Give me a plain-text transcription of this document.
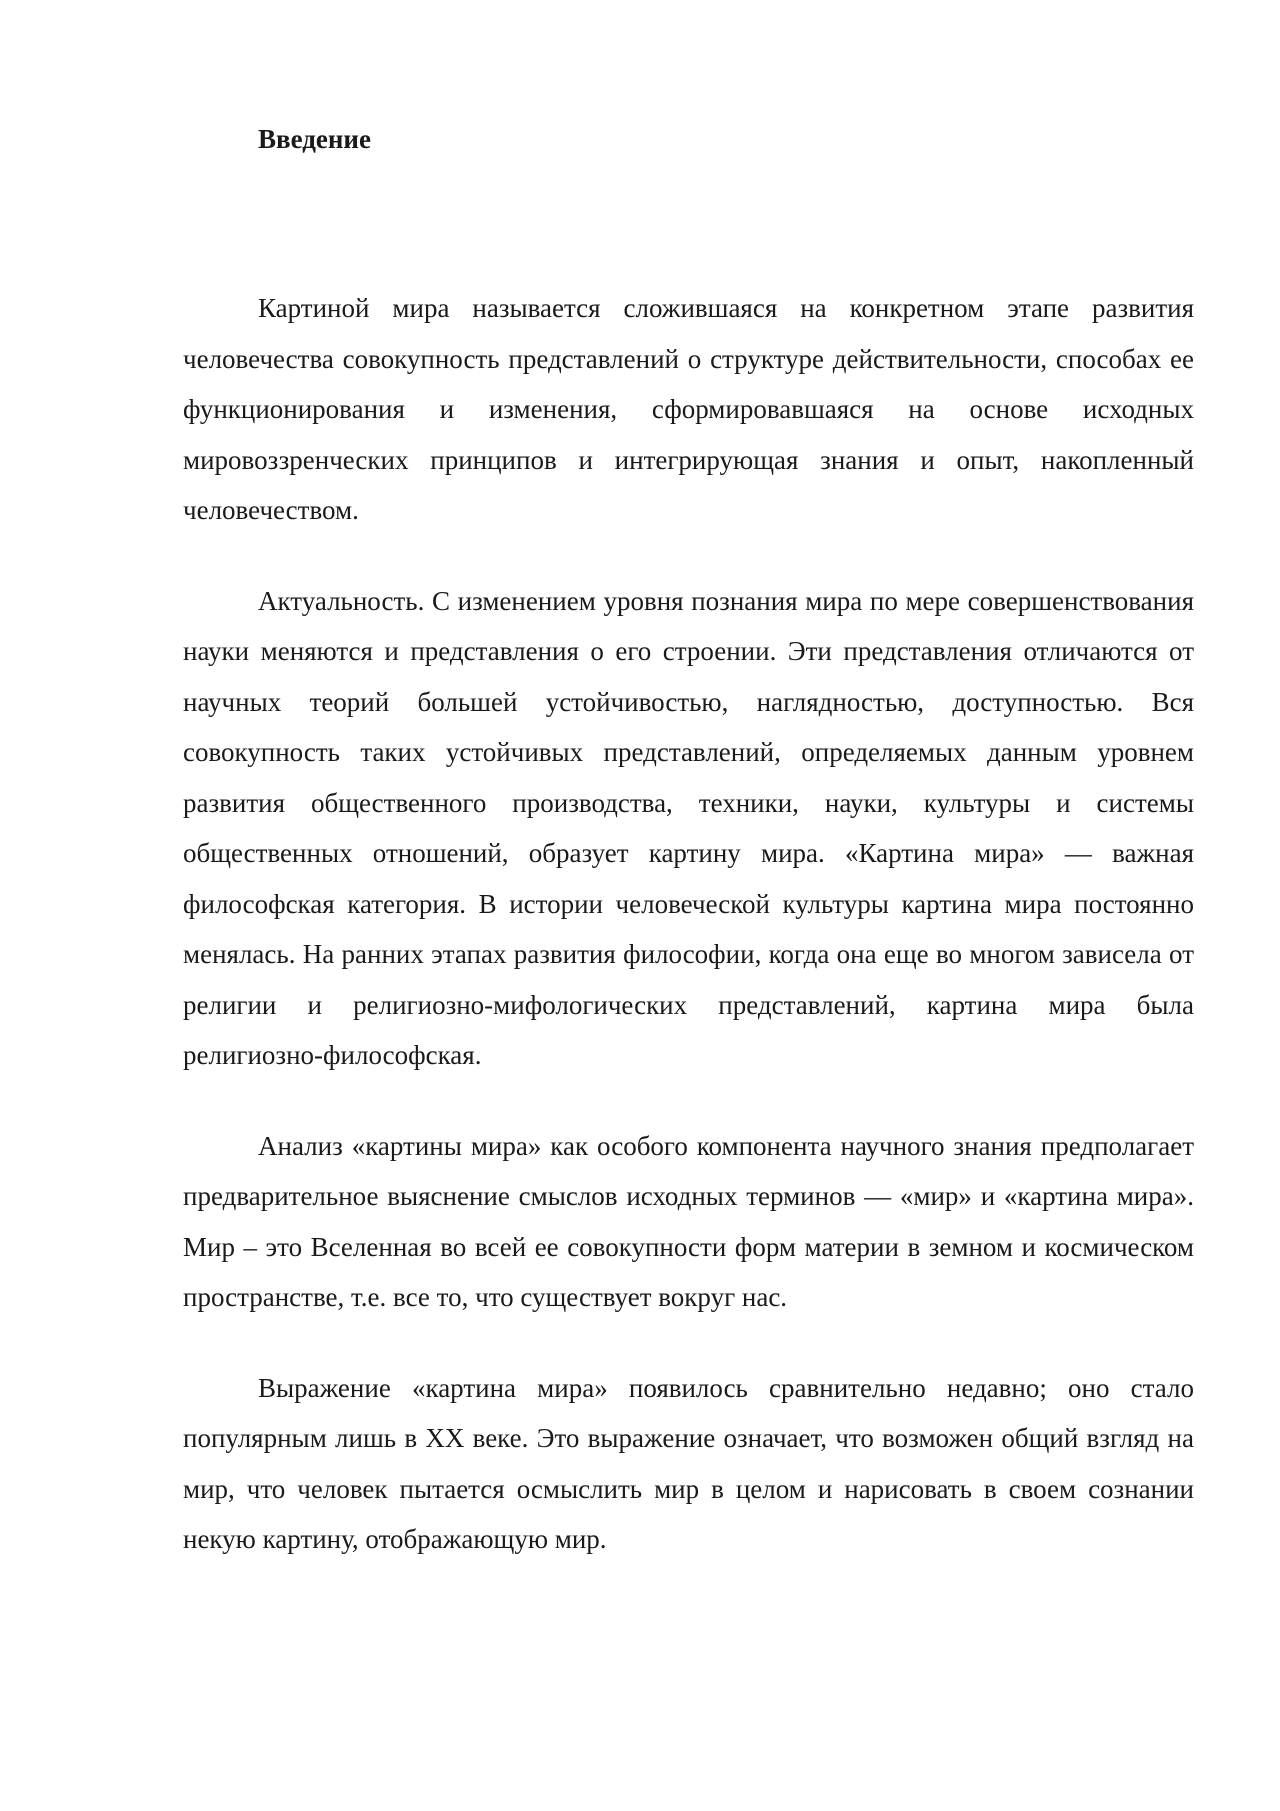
Введение

Картиной мира называется сложившаяся на конкретном этапе развития человечества совокупность представлений о структуре действительности, способах ее функционирования и изменения, сформировавшаяся на основе исходных мировоззренческих принципов и интегрирующая знания и опыт, накопленный человечеством.

Актуальность. С изменением уровня познания мира по мере совершенствования науки меняются и представления о его строении. Эти представления отличаются от научных теорий большей устойчивостью, наглядностью, доступностью. Вся совокупность таких устойчивых представлений, определяемых данным уровнем развития общественного производства, техники, науки, культуры и системы общественных отношений, образует картину мира. «Картина мира» — важная философская категория. В истории человеческой культуры картина мира постоянно менялась. На ранних этапах развития философии, когда она еще во многом зависела от религии и религиозно-мифологических представлений, картина мира была религиозно-философская.

Анализ «картины мира» как особого компонента научного знания предполагает предварительное выяснение смыслов исходных терминов — «мир» и «картина мира». Мир – это Вселенная во всей ее совокупности форм материи в земном и космическом пространстве, т.е. все то, что существует вокруг нас.

Выражение «картина мира» появилось сравнительно недавно; оно стало популярным лишь в XX веке. Это выражение означает, что возможен общий взгляд на мир, что человек пытается осмыслить мир в целом и нарисовать в своем сознании некую картину, отображающую мир.
